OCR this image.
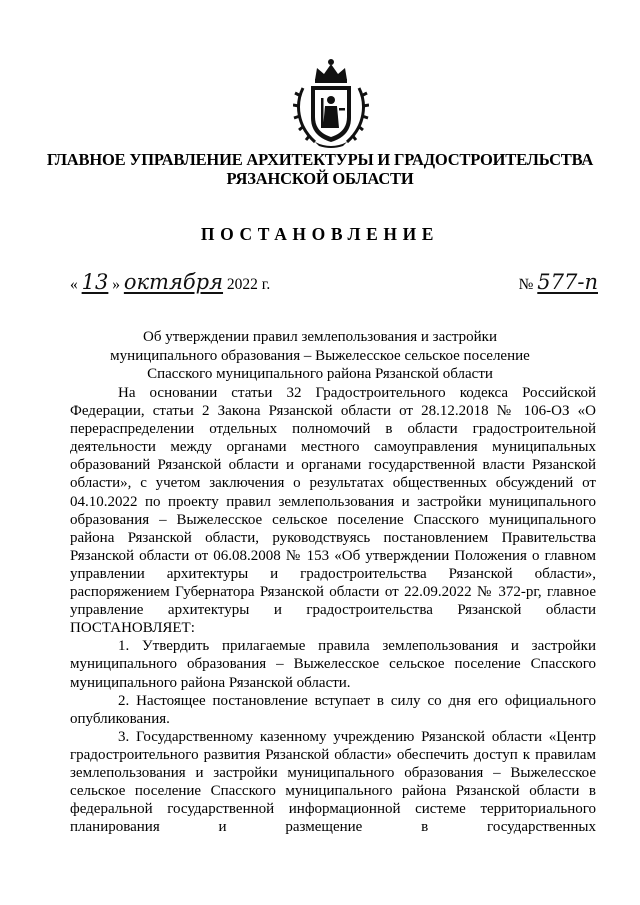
ГЛАВНОЕ УПРАВЛЕНИЕ АРХИТЕКТУРЫ И ГРАДОСТРОИТЕЛЬСТВА
РЯЗАНСКОЙ ОБЛАСТИ
ПОСТАНОВЛЕНИЕ
« 13 » октября 2022 г.	№ 577-п
Об утверждении правил землепользования и застройки
муниципального образования – Выжелесское сельское поселение
Спасского муниципального района Рязанской области

На основании статьи 32 Градостроительного кодекса Российской Федерации, статьи 2 Закона Рязанской области от 28.12.2018 № 106-ОЗ «О перераспределении отдельных полномочий в области градостроительной деятельности между органами местного самоуправления муниципальных образований Рязанской области и органами государственной власти Рязанской области», с учетом заключения о результатах общественных обсуждений от 04.10.2022 по проекту правил землепользования и застройки муниципального образования – Выжелесское сельское поселение Спасского муниципального района Рязанской области, руководствуясь постановлением Правительства Рязанской области от 06.08.2008 № 153 «Об утверждении Положения о главном управлении архитектуры и градостроительства Рязанской области», распоряжением Губернатора Рязанской области от 22.09.2022 № 372-рг, главное управление архитектуры и градостроительства Рязанской области ПОСТАНОВЛЯЕТ:

1. Утвердить прилагаемые правила землепользования и застройки муниципального образования – Выжелесское сельское поселение Спасского муниципального района Рязанской области.

2. Настоящее постановление вступает в силу со дня его официального опубликования.

3. Государственному казенному учреждению Рязанской области «Центр градостроительного развития Рязанской области» обеспечить доступ к правилам землепользования и застройки муниципального образования – Выжелесское сельское поселение Спасского муниципального района Рязанской области в федеральной государственной информационной системе территориального планирования и размещение в государственных
